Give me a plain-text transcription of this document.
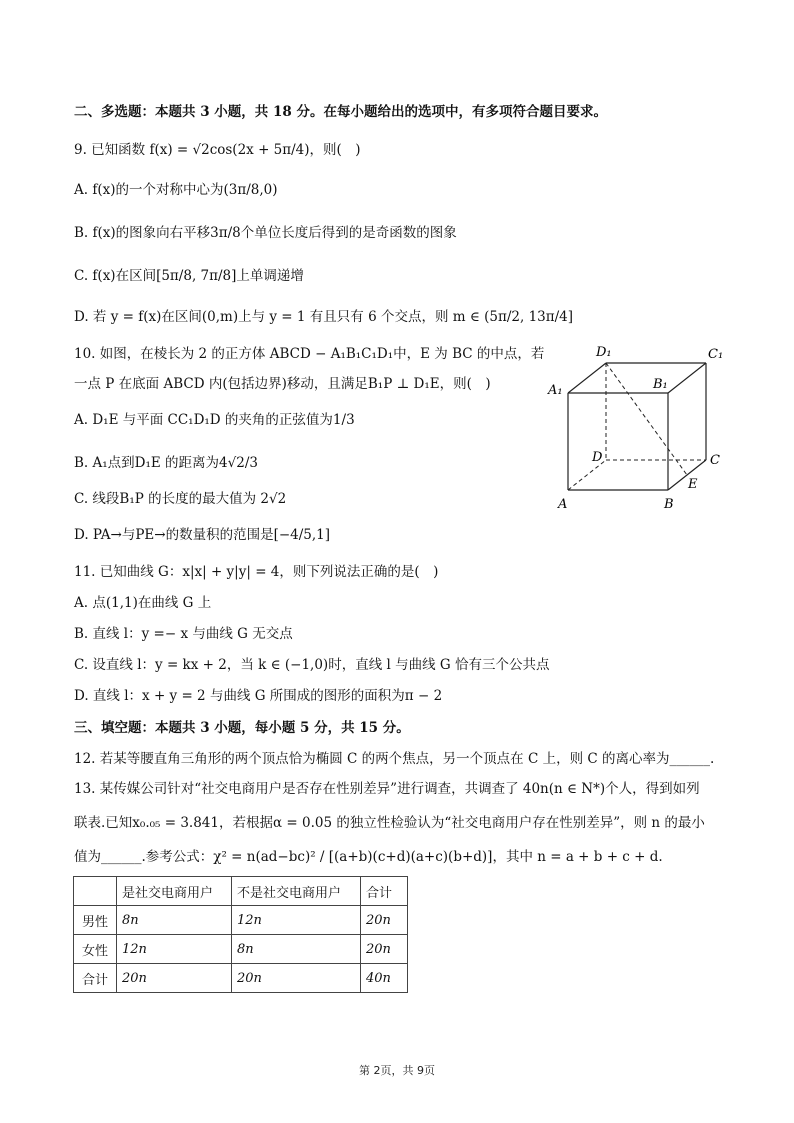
二、多选题：本题共 3 小题，共 18 分。在每小题给出的选项中，有多项符合题目要求。
9. 已知函数 f(x) = √2cos(2x + 5π/4)，则(　)
A. f(x)的一个对称中心为(3π/8,0)
B. f(x)的图象向右平移3π/8个单位长度后得到的是奇函数的图象
C. f(x)在区间[5π/8, 7π/8]上单调递增
D. 若 y = f(x)在区间(0,m)上与 y = 1 有且只有 6 个交点，则 m ∈ (5π/2, 13π/4]
10. 如图，在棱长为 2 的正方体 ABCD − A₁B₁C₁D₁中，E 为 BC 的中点，若
一点 P 在底面 ABCD 内(包括边界)移动，且满足B₁P ⊥ D₁E，则(　)
A. D₁E 与平面 CC₁D₁D 的夹角的正弦值为1/3
B. A₁点到D₁E 的距离为4√2/3
C. 线段B₁P 的长度的最大值为 2√2
D. PA→与PE→的数量积的范围是[−4/5,1]
D₁	C₁
A₁	B₁
D	C
E
A	B
11. 已知曲线 G：x|x| + y|y| = 4，则下列说法正确的是(　)
A. 点(1,1)在曲线 G 上
B. 直线 l：y =− x 与曲线 G 无交点
C. 设直线 l：y = kx + 2，当 k ∈ (−1,0)时，直线 l 与曲线 G 恰有三个公共点
D. 直线 l：x + y = 2 与曲线 G 所围成的图形的面积为π − 2
三、填空题：本题共 3 小题，每小题 5 分，共 15 分。
12. 若某等腰直角三角形的两个顶点恰为椭圆 C 的两个焦点，另一个顶点在 C 上，则 C 的离心率为______.
13. 某传媒公司针对“社交电商用户是否存在性别差异”进行调查，共调查了 40n(n ∈ N*)个人，得到如列
联表.已知x₀.₀₅ = 3.841，若根据α = 0.05 的独立性检验认为“社交电商用户存在性别差异”，则 n 的最小
值为______.参考公式：χ² = n(ad−bc)² / [(a+b)(c+d)(a+c)(b+d)]，其中 n = a + b + c + d.
	是社交电商用户	不是社交电商用户	合计
男性	8n	12n	20n
女性	12n	8n	20n
合计	20n	20n	40n
第 2页，共 9页
